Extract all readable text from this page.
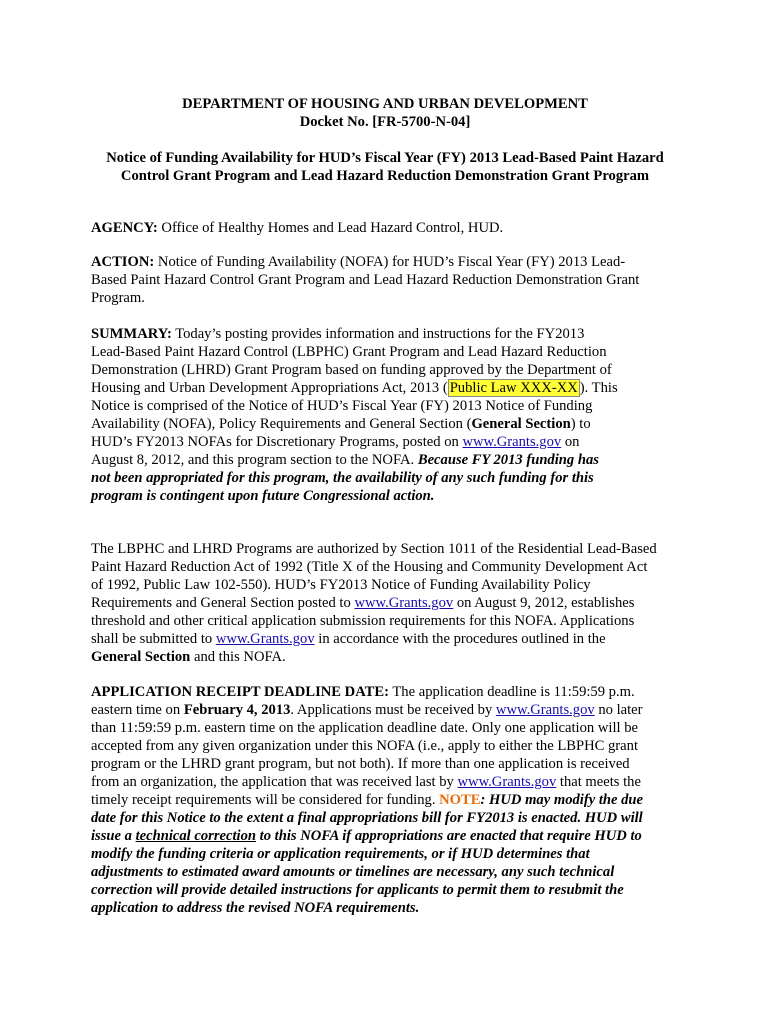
DEPARTMENT OF HOUSING AND URBAN DEVELOPMENT
Docket No. [FR-5700-N-04]
Notice of Funding Availability for HUD’s Fiscal Year (FY) 2013 Lead-Based Paint Hazard
Control Grant Program and Lead Hazard Reduction Demonstration Grant Program
AGENCY: Office of Healthy Homes and Lead Hazard Control, HUD.
ACTION: Notice of Funding Availability (NOFA) for HUD’s Fiscal Year (FY) 2013 Lead-
Based Paint Hazard Control Grant Program and Lead Hazard Reduction Demonstration Grant
Program.
SUMMARY: Today’s posting provides information and instructions for the FY2013
Lead-Based Paint Hazard Control (LBPHC) Grant Program and Lead Hazard Reduction
Demonstration (LHRD) Grant Program based on funding approved by the Department of
Housing and Urban Development Appropriations Act, 2013 ( Public Law XXX-XX ). This
Notice is comprised of the Notice of HUD’s Fiscal Year (FY) 2013 Notice of Funding
Availability (NOFA), Policy Requirements and General Section (General Section) to
HUD’s FY2013 NOFAs for Discretionary Programs, posted on www.Grants.gov on
August 8, 2012, and this program section to the NOFA. Because FY 2013 funding has
not been appropriated for this program, the availability of any such funding for this
program is contingent upon future Congressional action.
The LBPHC and LHRD Programs are authorized by Section 1011 of the Residential Lead-Based
Paint Hazard Reduction Act of 1992 (Title X of the Housing and Community Development Act
of 1992, Public Law 102-550). HUD’s FY2013 Notice of Funding Availability Policy
Requirements and General Section posted to www.Grants.gov on August 9, 2012, establishes
threshold and other critical application submission requirements for this NOFA. Applications
shall be submitted to www.Grants.gov in accordance with the procedures outlined in the
General Section and this NOFA.
APPLICATION RECEIPT DEADLINE DATE: The application deadline is 11:59:59 p.m.
eastern time on February 4, 2013. Applications must be received by www.Grants.gov no later
than 11:59:59 p.m. eastern time on the application deadline date. Only one application will be
accepted from any given organization under this NOFA (i.e., apply to either the LBPHC grant
program or the LHRD grant program, but not both). If more than one application is received
from an organization, the application that was received last by www.Grants.gov that meets the
timely receipt requirements will be considered for funding. NOTE: HUD may modify the due
date for this Notice to the extent a final appropriations bill for FY2013 is enacted. HUD will
issue a technical correction to this NOFA if appropriations are enacted that require HUD to
modify the funding criteria or application requirements, or if HUD determines that
adjustments to estimated award amounts or timelines are necessary, any such technical
correction will provide detailed instructions for applicants to permit them to resubmit the
application to address the revised NOFA requirements.
